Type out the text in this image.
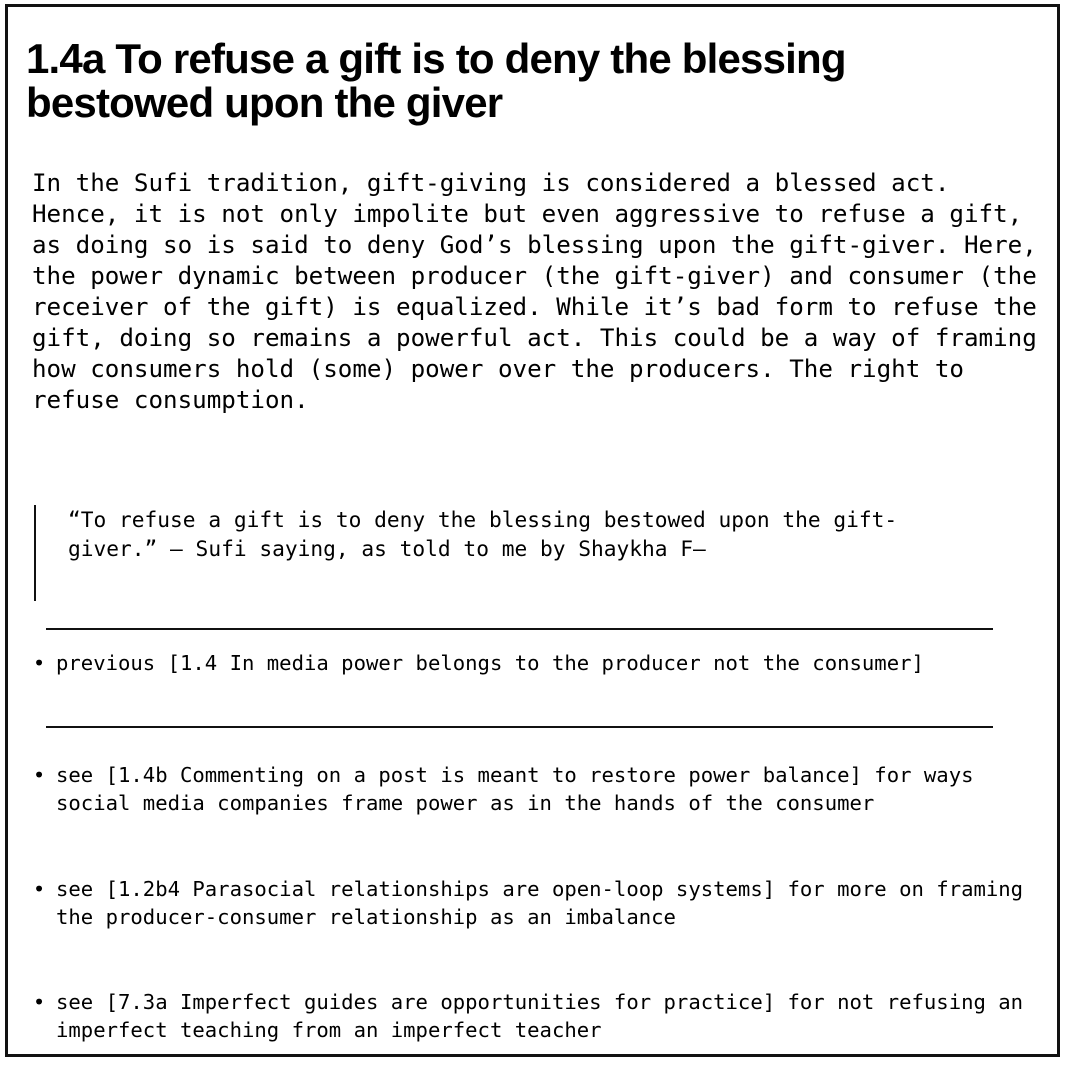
1.4a To refuse a gift is to deny the blessing bestowed upon the giver

In the Sufi tradition, gift-giving is considered a blessed act. Hence, it is not only impolite but even aggressive to refuse a gift, as doing so is said to deny God’s blessing upon the gift-giver. Here, the power dynamic between producer (the gift-giver) and consumer (the receiver of the gift) is equalized. While it’s bad form to refuse the gift, doing so remains a powerful act. This could be a way of framing how consumers hold (some) power over the producers. The right to refuse consumption.

“To refuse a gift is to deny the blessing bestowed upon the gift-giver.” — Sufi saying, as told to me by Shaykha F—

• previous [1.4 In media power belongs to the producer not the consumer]
• see [1.4b Commenting on a post is meant to restore power balance] for ways social media companies frame power as in the hands of the consumer
• see [1.2b4 Parasocial relationships are open-loop systems] for more on framing the producer-consumer relationship as an imbalance
• see [7.3a Imperfect guides are opportunities for practice] for not refusing an imperfect teaching from an imperfect teacher
